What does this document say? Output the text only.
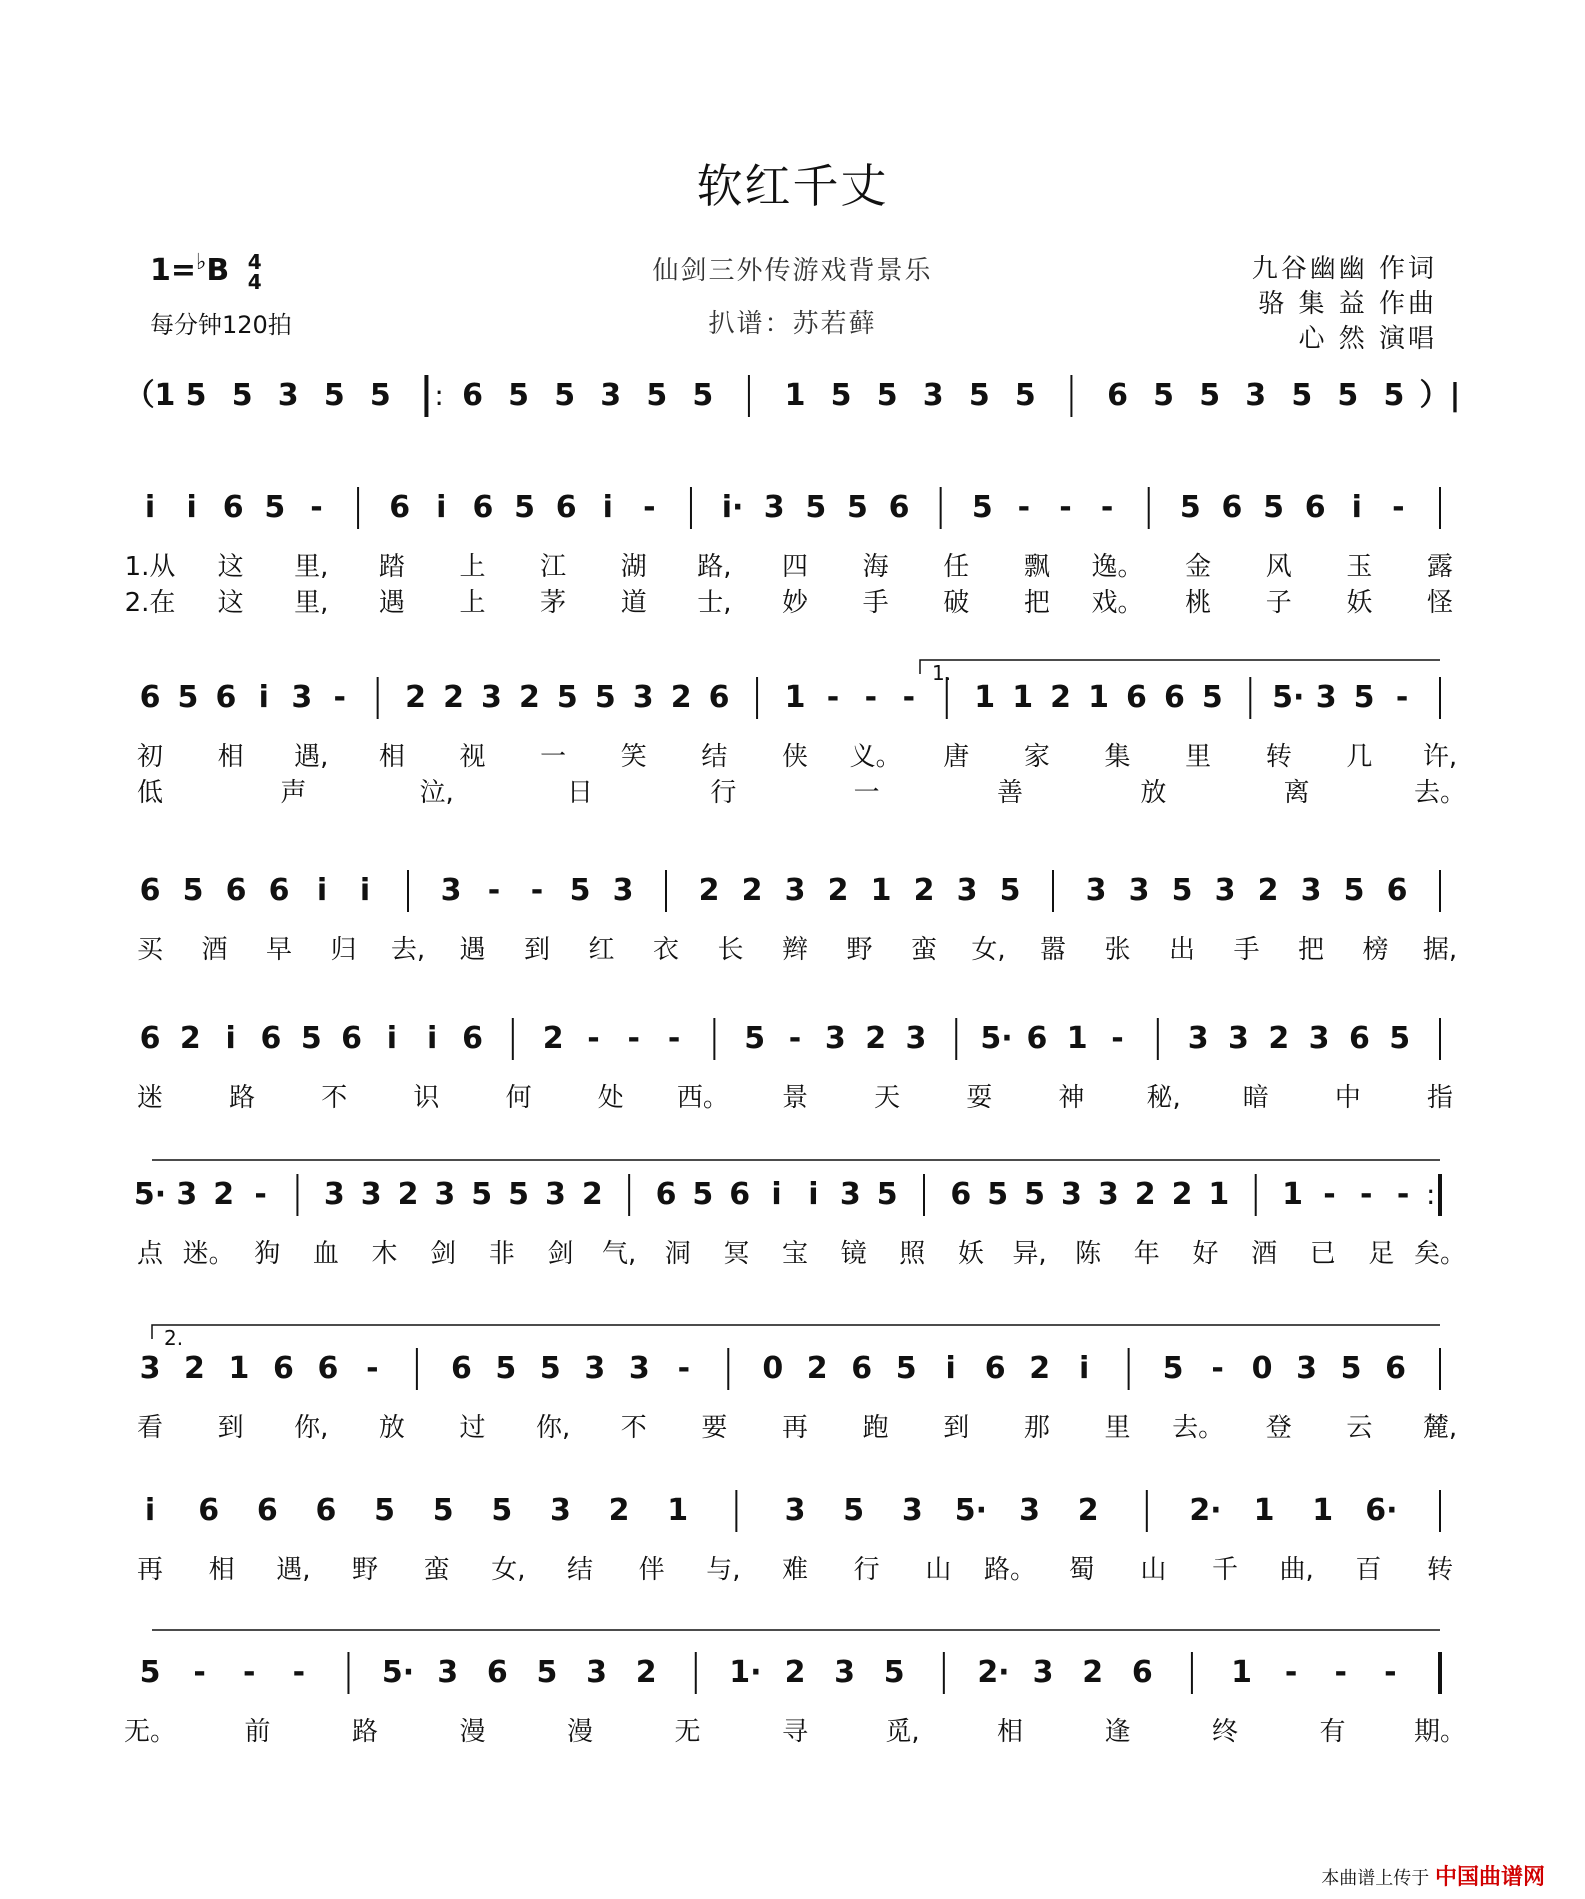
软红千丈
1=♭B 4
4
每分钟120拍
仙剑三外传游戏背景乐
扒谱：苏若藓
九谷幽幽 作词
骆 集 益 作曲
心 然 演唱
（1 5 5 3 5 5 : 6 5 5 3 5 5 1 5 5 3 5 5 6 5 5 3 5 5 5 ）|
i i 6 5 - 6 i 6 5 6 i - i· 3 5 5 6 5 - - - 5 6 5 6 i -
1.从 这 里, 踏 上 江 湖 路, 四 海 任 飘 逸。 金 风 玉 露
2.在 这 里, 遇 上 茅 道 士, 妙 手 破 把 戏。 桃 子 妖 怪
6 5 6 i 3 - 2 2 3 2 5 5 3 2 6 1 - - - 1 1 2 1 6 6 5 5· 3 5 -
初 相 遇, 相 视 一 笑 结 侠 义。 唐 家 集 里 转 几 许,
低	声	泣,	日	行	一	善	放	离	去。
6 5 6 6 i i 3 - - 5 3 2 2 3 2 1 2 3 5 3 3 5 3 2 3 5 6
买 酒 早 归 去, 遇 到 红 衣 长 辫 野 蛮 女, 嚣 张 出 手 把 榜 据,
6 2 i 6 5 6 i i 6 2 - - - 5 - 3 2 3 5· 6 1 - 3 3 2 3 6 5
迷	路	不	识	何	处 西。 景	天	耍	神 秘, 暗	中	指
5· 3 2 - 3 3 2 3 5 5 3 2 6 5 6 i i 3 5 6 5 5 3 3 2 2 1 1 - - - :
点 迷。 狗 血 木 剑 非 剑 气, 洞 冥 宝 镜 照 妖 异, 陈 年 好 酒 已 足 矣。
3 2 1 6 6 - 6 5 5 3 3 - 0 2 6 5 i 6 2 i 5 - 0 3 5 6
看 到 你, 放 过 你, 不 要 再 跑 到 那 里 去。 登 云 麓,
i 6 6 6 5 5 5 3 2 1	3 5 3 5· 3 2	2· 1 1 6·
再 相 遇, 野 蛮 女, 结 伴 与, 难 行 山 路。 蜀 山 千 曲, 百 转
5 - - -	5· 3 6 5 3 2 1· 2 3 5 2· 3 2 6	1 - - -
无。	前	路	漫	漫	无	寻	觅,	相	逢	终	有	期。
1.
2.
本曲谱上传于 中国曲谱网
